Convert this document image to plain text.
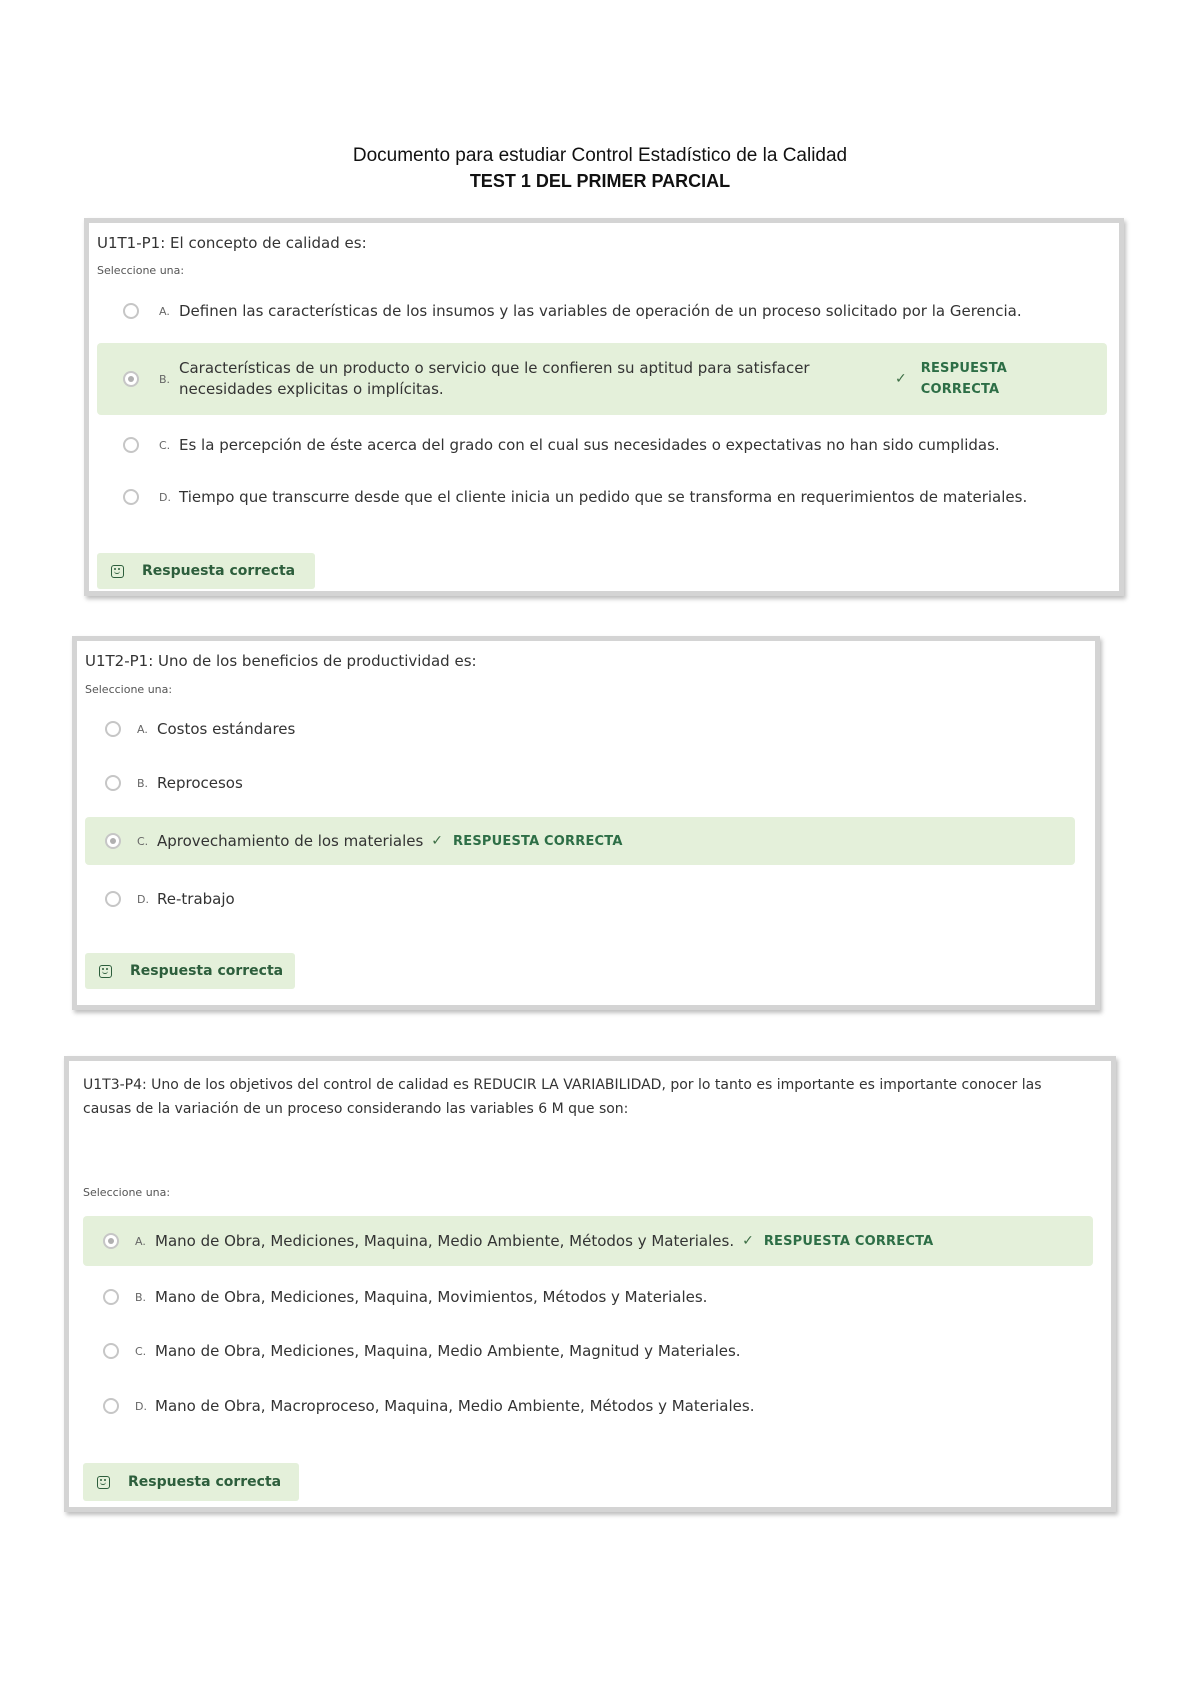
Documento para estudiar Control Estadístico de la Calidad

TEST 1 DEL PRIMER PARCIAL

U1T1-P1: El concepto de calidad es:

Seleccione una:
A. Definen las características de los insumos y las variables de operación de un proceso solicitado por la Gerencia.
B.
Características de un producto o servicio que le confieren su aptitud para satisfacer necesidades explicitas o implícitas.
✓
RESPUESTA CORRECTA
C. Es la percepción de éste acerca del grado con el cual sus necesidades o expectativas no han sido cumplidas.
D. Tiempo que transcurre desde que el cliente inicia un pedido que se transforma en requerimientos de materiales.
Respuesta correcta

U1T2-P1: Uno de los beneficios de productividad es:

Seleccione una:
A. Costos estándares
B. Reprocesos
C. Aprovechamiento de los materiales ✓ RESPUESTA CORRECTA
D. Re-trabajo
Respuesta correcta

U1T3-P4: Uno de los objetivos del control de calidad es REDUCIR LA VARIABILIDAD, por lo tanto es importante es importante conocer las causas de la variación de un proceso considerando las variables 6 M que son:

Seleccione una:
A. Mano de Obra, Mediciones, Maquina, Medio Ambiente, Métodos y Materiales. ✓ RESPUESTA CORRECTA
B. Mano de Obra, Mediciones, Maquina, Movimientos, Métodos y Materiales.
C. Mano de Obra, Mediciones, Maquina, Medio Ambiente, Magnitud y Materiales.
D. Mano de Obra, Macroproceso, Maquina, Medio Ambiente, Métodos y Materiales.
Respuesta correcta
